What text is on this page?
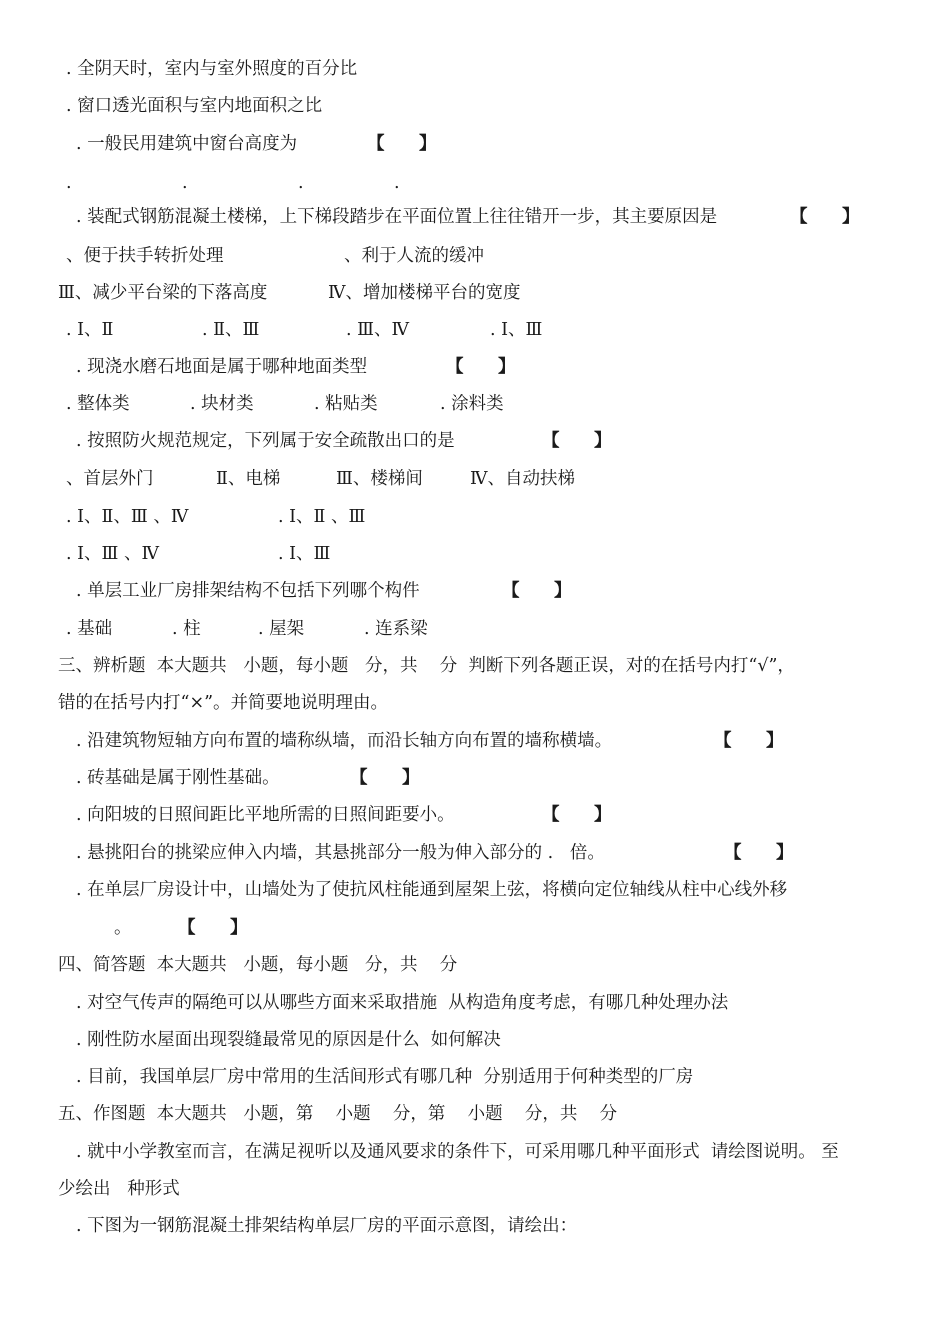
. 全阴天时，室内与室外照度的百分比

. 窗口透光面积与室内地面积之比

. 一般民用建筑中窗台高度为	【 】
.	.	.	.

. 装配式钢筋混凝土楼梯，上下梯段踏步在平面位置上往往错开一步，其主要原因是	【 】
、便于扶手转折处理	、利于人流的缓冲
Ⅲ、减少平台梁的下落高度	Ⅳ、增加楼梯平台的宽度
. Ⅰ、Ⅱ	. Ⅱ、Ⅲ	. Ⅲ、Ⅳ	. Ⅰ、Ⅲ

. 现浇水磨石地面是属于哪种地面类型	【 】
. 整体类	. 块材类	. 粘贴类	. 涂料类

. 按照防火规范规定，下列属于安全疏散出口的是	【 】
、首层外门	Ⅱ、电梯	Ⅲ、楼梯间	Ⅳ、自动扶梯
. Ⅰ、Ⅱ、Ⅲ 、Ⅳ	. Ⅰ、Ⅱ 、Ⅲ
. Ⅰ、Ⅲ 、Ⅳ	. Ⅰ、Ⅲ

. 单层工业厂房排架结构不包括下列哪个构件	【 】
. 基础	. 柱	. 屋架	. 连系梁

三、辨析题  本大题共   小题，每小题   分，共    分  判断下列各题正误，对的在括号内打“√”，

错的在括号内打“×”。并简要地说明理由。

. 沿建筑物短轴方向布置的墙称纵墙，而沿长轴方向布置的墙称横墙。	【 】

. 砖基础是属于刚性基础。	【 】

. 向阳坡的日照间距比平地所需的日照间距要小。	【 】

. 悬挑阳台的挑梁应伸入内墙，其悬挑部分一般为伸入部分的 .   倍。	【 】

. 在单层厂房设计中，山墙处为了使抗风柱能通到屋架上弦，将横向定位轴线从柱中心线外移

。	【 】

四、简答题  本大题共   小题，每小题   分，共    分

. 对空气传声的隔绝可以从哪些方面来采取措施  从构造角度考虑，有哪几种处理办法

. 刚性防水屋面出现裂缝最常见的原因是什么  如何解决

. 目前，我国单层厂房中常用的生活间形式有哪几种  分别适用于何种类型的厂房

五、作图题  本大题共   小题，第    小题    分，第    小题    分，共    分

. 就中小学教室而言，在满足视听以及通风要求的条件下，可采用哪几种平面形式  请绘图说明。 至

少绘出   种形式

. 下图为一钢筋混凝土排架结构单层厂房的平面示意图，请绘出：
